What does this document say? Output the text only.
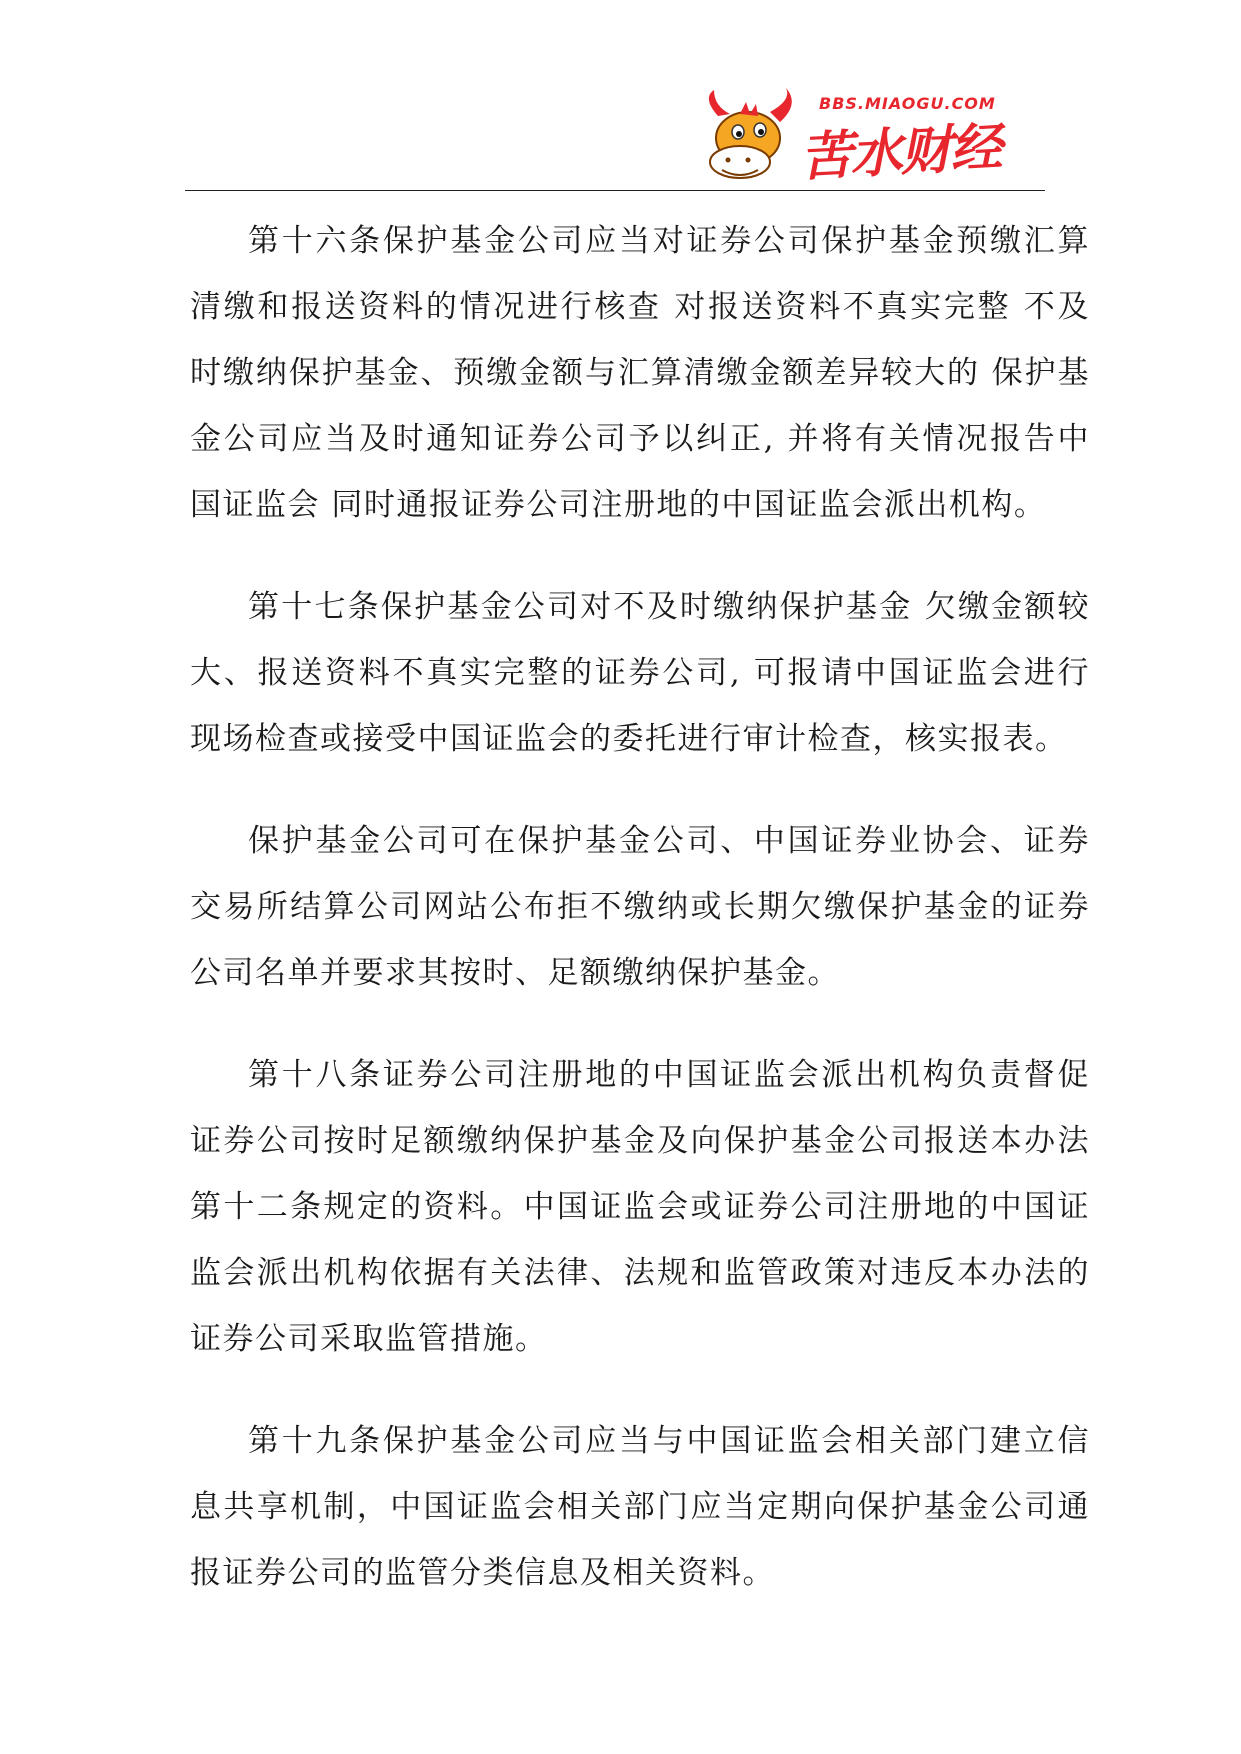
BBS.MIAOGU.COM
苦水财经

第十六条保护基金公司应当对证券公司保护基金预缴汇算清缴和报送资料的情况进行核查 对报送资料不真实完整 不及时缴纳保护基金、预缴金额与汇算清缴金额差异较大的 保护基金公司应当及时通知证券公司予以纠正, 并将有关情况报告中国证监会 同时通报证券公司注册地的中国证监会派出机构。

第十七条保护基金公司对不及时缴纳保护基金 欠缴金额较大、报送资料不真实完整的证券公司, 可报请中国证监会进行现场检查或接受中国证监会的委托进行审计检查，核实报表。

保护基金公司可在保护基金公司、中国证券业协会、证券交易所结算公司网站公布拒不缴纳或长期欠缴保护基金的证券公司名单并要求其按时、足额缴纳保护基金。

第十八条证券公司注册地的中国证监会派出机构负责督促证券公司按时足额缴纳保护基金及向保护基金公司报送本办法第十二条规定的资料。中国证监会或证券公司注册地的中国证监会派出机构依据有关法律、法规和监管政策对违反本办法的证券公司采取监管措施。

第十九条保护基金公司应当与中国证监会相关部门建立信息共享机制，中国证监会相关部门应当定期向保护基金公司通报证券公司的监管分类信息及相关资料。
